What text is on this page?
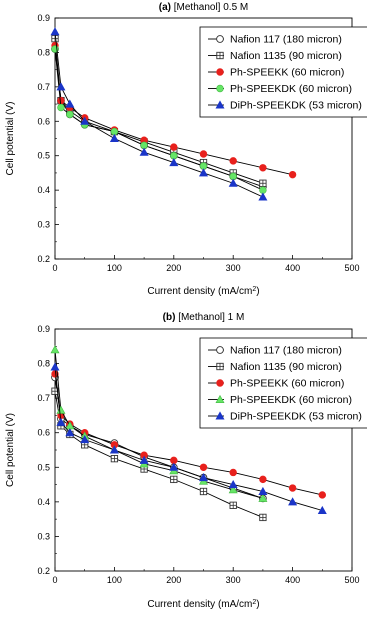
(a) [Methanol] 0.5 M
0	100	200	300	400	500
0.2
0.3
0.4
0.5
0.6
0.7
0.8
0.9
Current density $(mA/cm^2)$
Cell potential (V)
Nafion 117 (180 micron)
Nafion 1135 (90 micron)
Ph-SPEEKK (60 micron)
Ph-SPEEKDK (60 micron)
DiPh-SPEEKDK (53 micron)
(b) [Methanol] 1 M
0	100	200	300	400	500
0.2
0.3
0.4
0.5
0.6
0.7
0.8
0.9
Current density $(mA/cm^2)$
Cell potential (V)
Nafion 117 (180 micron)
Nafion 1135 (90 micron)
Ph-SPEEKK (60 micron)
Ph-SPEEKDK (60 micron)
DiPh-SPEEKDK (53 micron)
